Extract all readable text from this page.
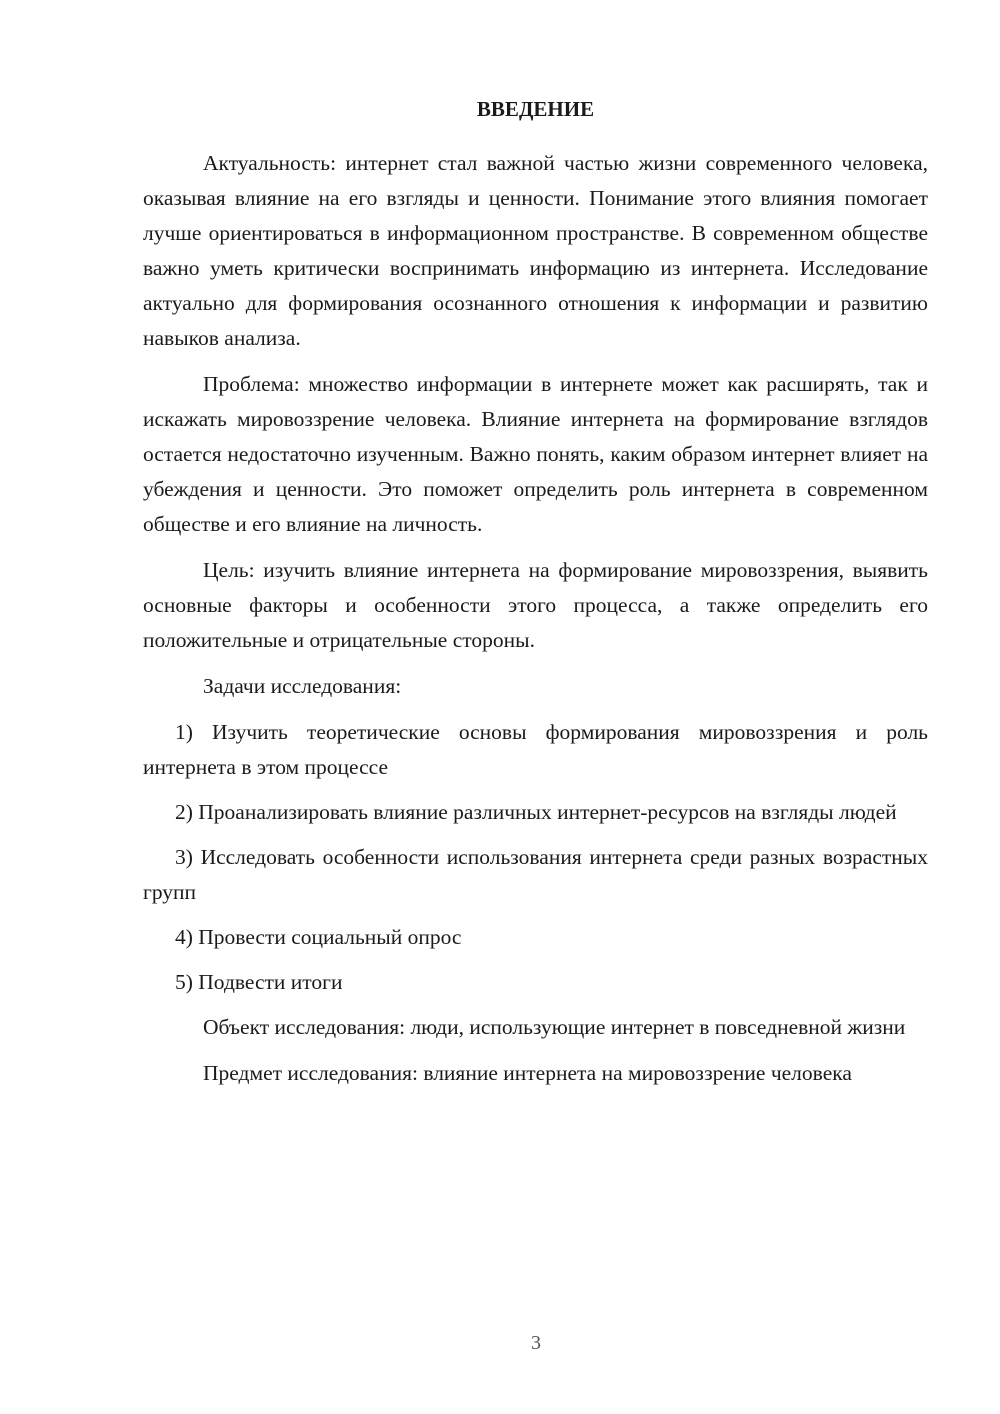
ВВЕДЕНИЕ

Актуальность: интернет стал важной частью жизни современного человека, оказывая влияние на его взгляды и ценности. Понимание этого влияния помогает лучше ориентироваться в информационном пространстве. В современном обществе важно уметь критически воспринимать информацию из интернета. Исследование актуально для формирования осознанного отношения к информации и развитию навыков анализа.

Проблема: множество информации в интернете может как расширять, так и искажать мировоззрение человека. Влияние интернета на формирование взглядов остается недостаточно изученным. Важно понять, каким образом интернет влияет на убеждения и ценности. Это поможет определить роль интернета в современном обществе и его влияние на личность.

Цель: изучить влияние интернета на формирование мировоззрения, выявить основные факторы и особенности этого процесса, а также определить его положительные и отрицательные стороны.

Задачи исследования:

1) Изучить теоретические основы формирования мировоззрения и роль интернета в этом процессе

2) Проанализировать влияние различных интернет-ресурсов на взгляды людей

3) Исследовать особенности использования интернета среди разных возрастных групп

4) Провести социальный опрос

5) Подвести итоги

Объект исследования: люди, использующие интернет в повседневной жизни

Предмет исследования: влияние интернета на мировоззрение человека

3
